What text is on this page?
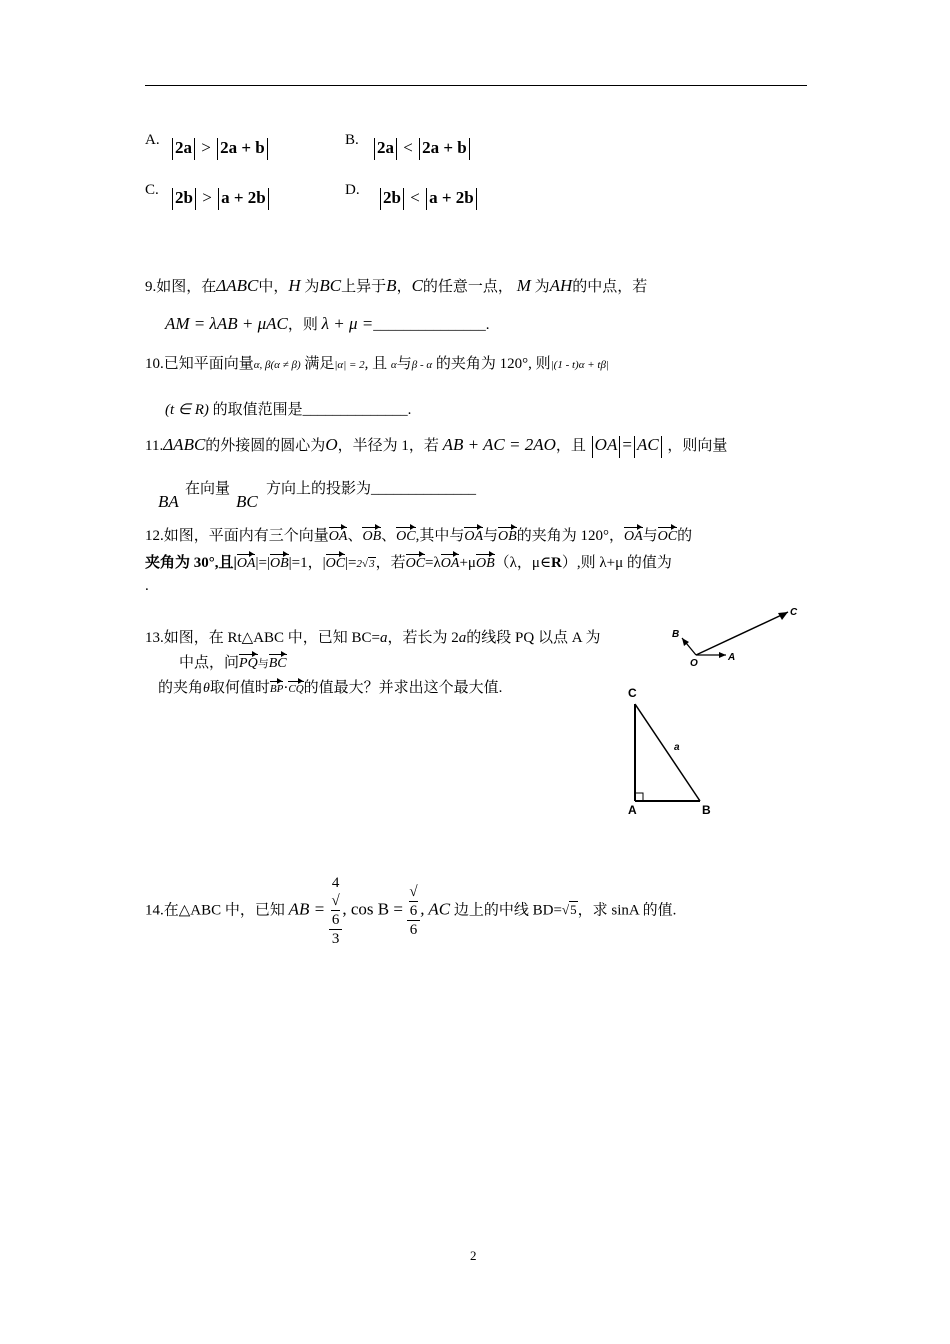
A. 2a > 2a + b	B. 2a < 2a + b
C. 2b > a + 2b	D. 2b < a + 2b
9.如图，在ΔABC中，H 为BC上异于B，C的任意一点， M 为AH的中点，若
AM = λAB + μAC，则 λ + μ =_______________.
10.已知平面向量α, β(α ≠ β) 满足|α| = 2, 且 α与β - α 的夹角为 120°, 则|(1 - t)α + tβ|
(t ∈ R) 的取值范围是______________.
11.ΔABC的外接圆的圆心为O，半径为 1，若 AB + AC = 2AO，且 OA = AC ，则向量
BA
在向量
BC
方向上的投影为______________
12.如图，平面内有三个向量OA、OB、OC,其中与OA与OB的夹角为 120°，OA与OC的
夹角为 30°,且|OA|=|OB|=1，|OC|=2√3，若OC=λOA+μOB（λ，μ∈R）,则 λ+μ 的值为
.
C
B
O
A
13.如图，在 Rt△ABC 中，已知 BC=a，若长为 2a的线段 PQ 以点 A 为
中点，问PQ与BC
的夹角θ取何值时BP·CQ的值最大？并求出这个最大值.	C
A	B
a
14.在△ABC 中，已知 AB = 4
√
6
3 , cos B = √
6
6 , AC 边上的中线 BD=√5，求 sinA 的值.
2
